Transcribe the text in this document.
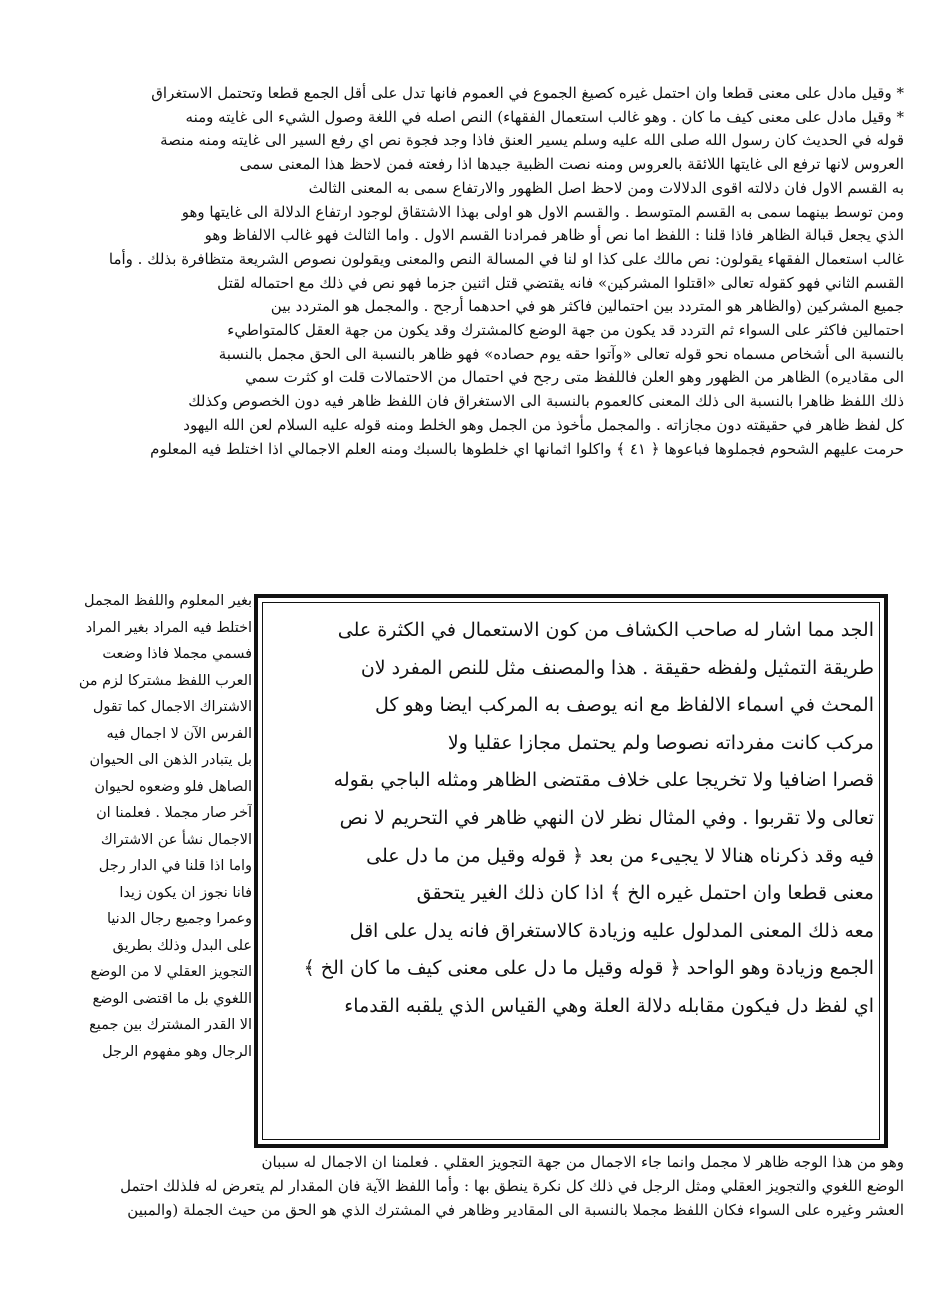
* وقيل مادل على معنى قطعا وان احتمل غيره كصيغ الجموع في العموم فانها تدل على أقل الجمع قطعا وتحتمل الاستغراق
* وقيل مادل على معنى كيف ما كان . وهو غالب استعمال الفقهاء) النص اصله في اللغة وصول الشيء الى غايته ومنه
قوله في الحديث كان رسول الله صلى الله عليه وسلم يسير العنق فاذا وجد فجوة نص اي رفع السير الى غايته ومنه منصة
العروس لانها ترفع الى غايتها اللائقة بالعروس ومنه نصت الظبية جيدها اذا رفعته فمن لاحظ هذا المعنى سمى
به القسم الاول فان دلالته اقوى الدلالات ومن لاحظ اصل الظهور والارتفاع سمى به المعنى الثالث
ومن توسط بينهما سمى به القسم المتوسط . والقسم الاول هو اولى بهذا الاشتقاق لوجود ارتفاع الدلالة الى غايتها وهو
الذي يجعل قبالة الظاهر فاذا قلنا : اللفظ اما نص أو ظاهر فمرادنا القسم الاول . واما الثالث فهو غالب الالفاظ وهو
غالب استعمال الفقهاء يقولون: نص مالك على كذا او لنا في المسالة النص والمعنى ويقولون نصوص الشريعة متظافرة بذلك . وأما
القسم الثاني فهو كقوله تعالى «اقتلوا المشركين» فانه يقتضي قتل اثنين جزما فهو نص في ذلك مع احتماله لقتل
جميع المشركين (والظاهر هو المتردد بين احتمالين فاكثر هو في احدهما أرجح . والمجمل هو المتردد بين
احتمالين فاكثر على السواء ثم التردد قد يكون من جهة الوضع كالمشترك وقد يكون من جهة العقل كالمتواطيء
بالنسبة الى أشخاص مسماه نحو قوله تعالى «وآتوا حقه يوم حصاده» فهو ظاهر بالنسبة الى الحق مجمل بالنسبة
الى مقاديره) الظاهر من الظهور وهو العلن فاللفظ متى رجح في احتمال من الاحتمالات قلت او كثرت سمي
ذلك اللفظ ظاهرا بالنسبة الى ذلك المعنى كالعموم بالنسبة الى الاستغراق فان اللفظ ظاهر فيه دون الخصوص وكذلك
كل لفظ ظاهر في حقيقته دون مجازاته . والمجمل مأخوذ من الجمل وهو الخلط ومنه قوله عليه السلام لعن الله اليهود
حرمت عليهم الشحوم فجملوها فباعوها ﴿ ٤١ ﴾ واكلوا اثمانها اي خلطوها بالسبك ومنه العلم الاجمالي اذا اختلط فيه المعلوم
بغير المعلوم واللفظ المجمل
اختلط فيه المراد بغير المراد
فسمي مجملا فاذا وضعت
العرب اللفظ مشتركا لزم من
الاشتراك الاجمال كما تقول
الفرس الآن لا اجمال فيه
بل يتبادر الذهن الى الحيوان
الصاهل فلو وضعوه لحيوان
آخر صار مجملا . فعلمنا ان
الاجمال نشأ عن الاشتراك
واما اذا قلنا في الدار رجل
فانا نجوز ان يكون زيدا
وعمرا وجميع رجال الدنيا
على البدل وذلك بطريق
التجويز العقلي لا من الوضع
اللغوي بل ما اقتضى الوضع
الا القدر المشترك بين جميع
الرجال وهو مفهوم الرجل
الجد مما اشار له صاحب الكشاف من كون الاستعمال في الكثرة على
طريقة التمثيل ولفظه حقيقة . هذا والمصنف مثل للنص المفرد لان
المحث في اسماء الالفاظ مع انه يوصف به المركب ايضا وهو كل
مركب كانت مفرداته نصوصا ولم يحتمل مجازا عقليا ولا
قصرا اضافيا ولا تخريجا على خلاف مقتضى الظاهر ومثله الباجي بقوله
تعالى ولا تقربوا . وفي المثال نظر لان النهي ظاهر في التحريم لا نص
فيه وقد ذكرناه هنالا لا يجيىء من بعد ﴿ قوله وقيل من ما دل على
معنى قطعا وان احتمل غيره الخ ﴾ اذا كان ذلك الغير يتحقق
معه ذلك المعنى المدلول عليه وزيادة كالاستغراق فانه يدل على اقل
الجمع وزيادة وهو الواحد ﴿ قوله وقيل ما دل على معنى كيف ما كان الخ ﴾
اي لفظ دل فيكون مقابله دلالة العلة وهي القياس الذي يلقبه القدماء
وهو من هذا الوجه ظاهر لا مجمل وانما جاء الاجمال من جهة التجويز العقلي . فعلمنا ان الاجمال له سببان
الوضع اللغوي والتجويز العقلي ومثل الرجل في ذلك كل نكرة ينطق بها : وأما اللفظ الآية فان المقدار لم يتعرض له فلذلك احتمل
العشر وغيره على السواء فكان اللفظ مجملا بالنسبة الى المقادير وظاهر في المشترك الذي هو الحق من حيث الجملة (والمبين
